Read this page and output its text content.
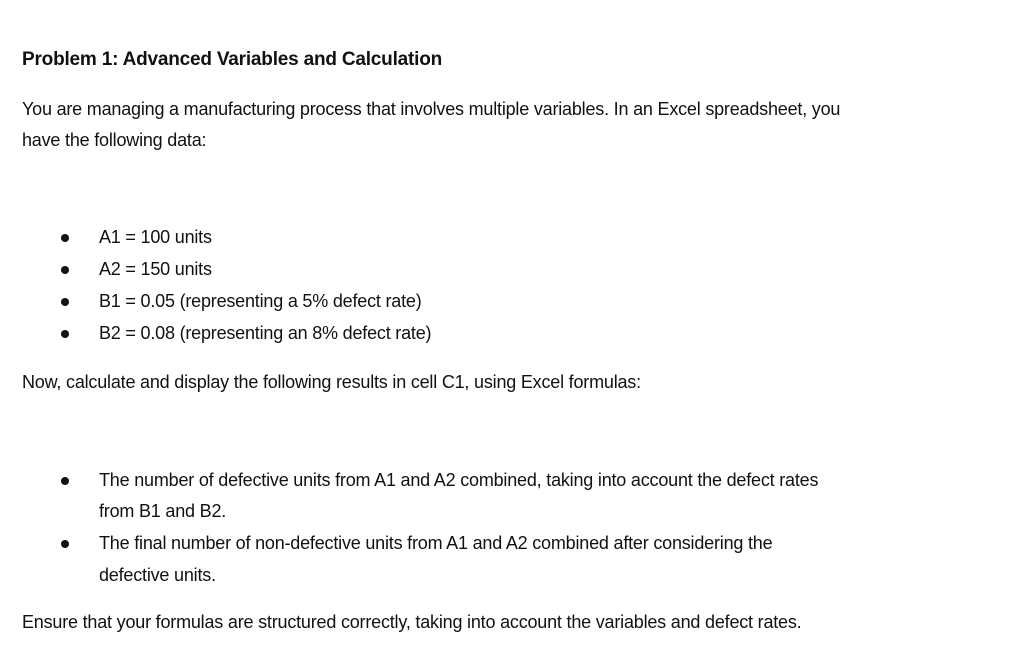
Problem 1: Advanced Variables and Calculation
You are managing a manufacturing process that involves multiple variables. In an Excel spreadsheet, you
have the following data:
A1 = 100 units
A2 = 150 units
B1 = 0.05 (representing a 5% defect rate)
B2 = 0.08 (representing an 8% defect rate)
Now, calculate and display the following results in cell C1, using Excel formulas:
The number of defective units from A1 and A2 combined, taking into account the defect rates
from B1 and B2.
The final number of non-defective units from A1 and A2 combined after considering the
defective units.
Ensure that your formulas are structured correctly, taking into account the variables and defect rates.
